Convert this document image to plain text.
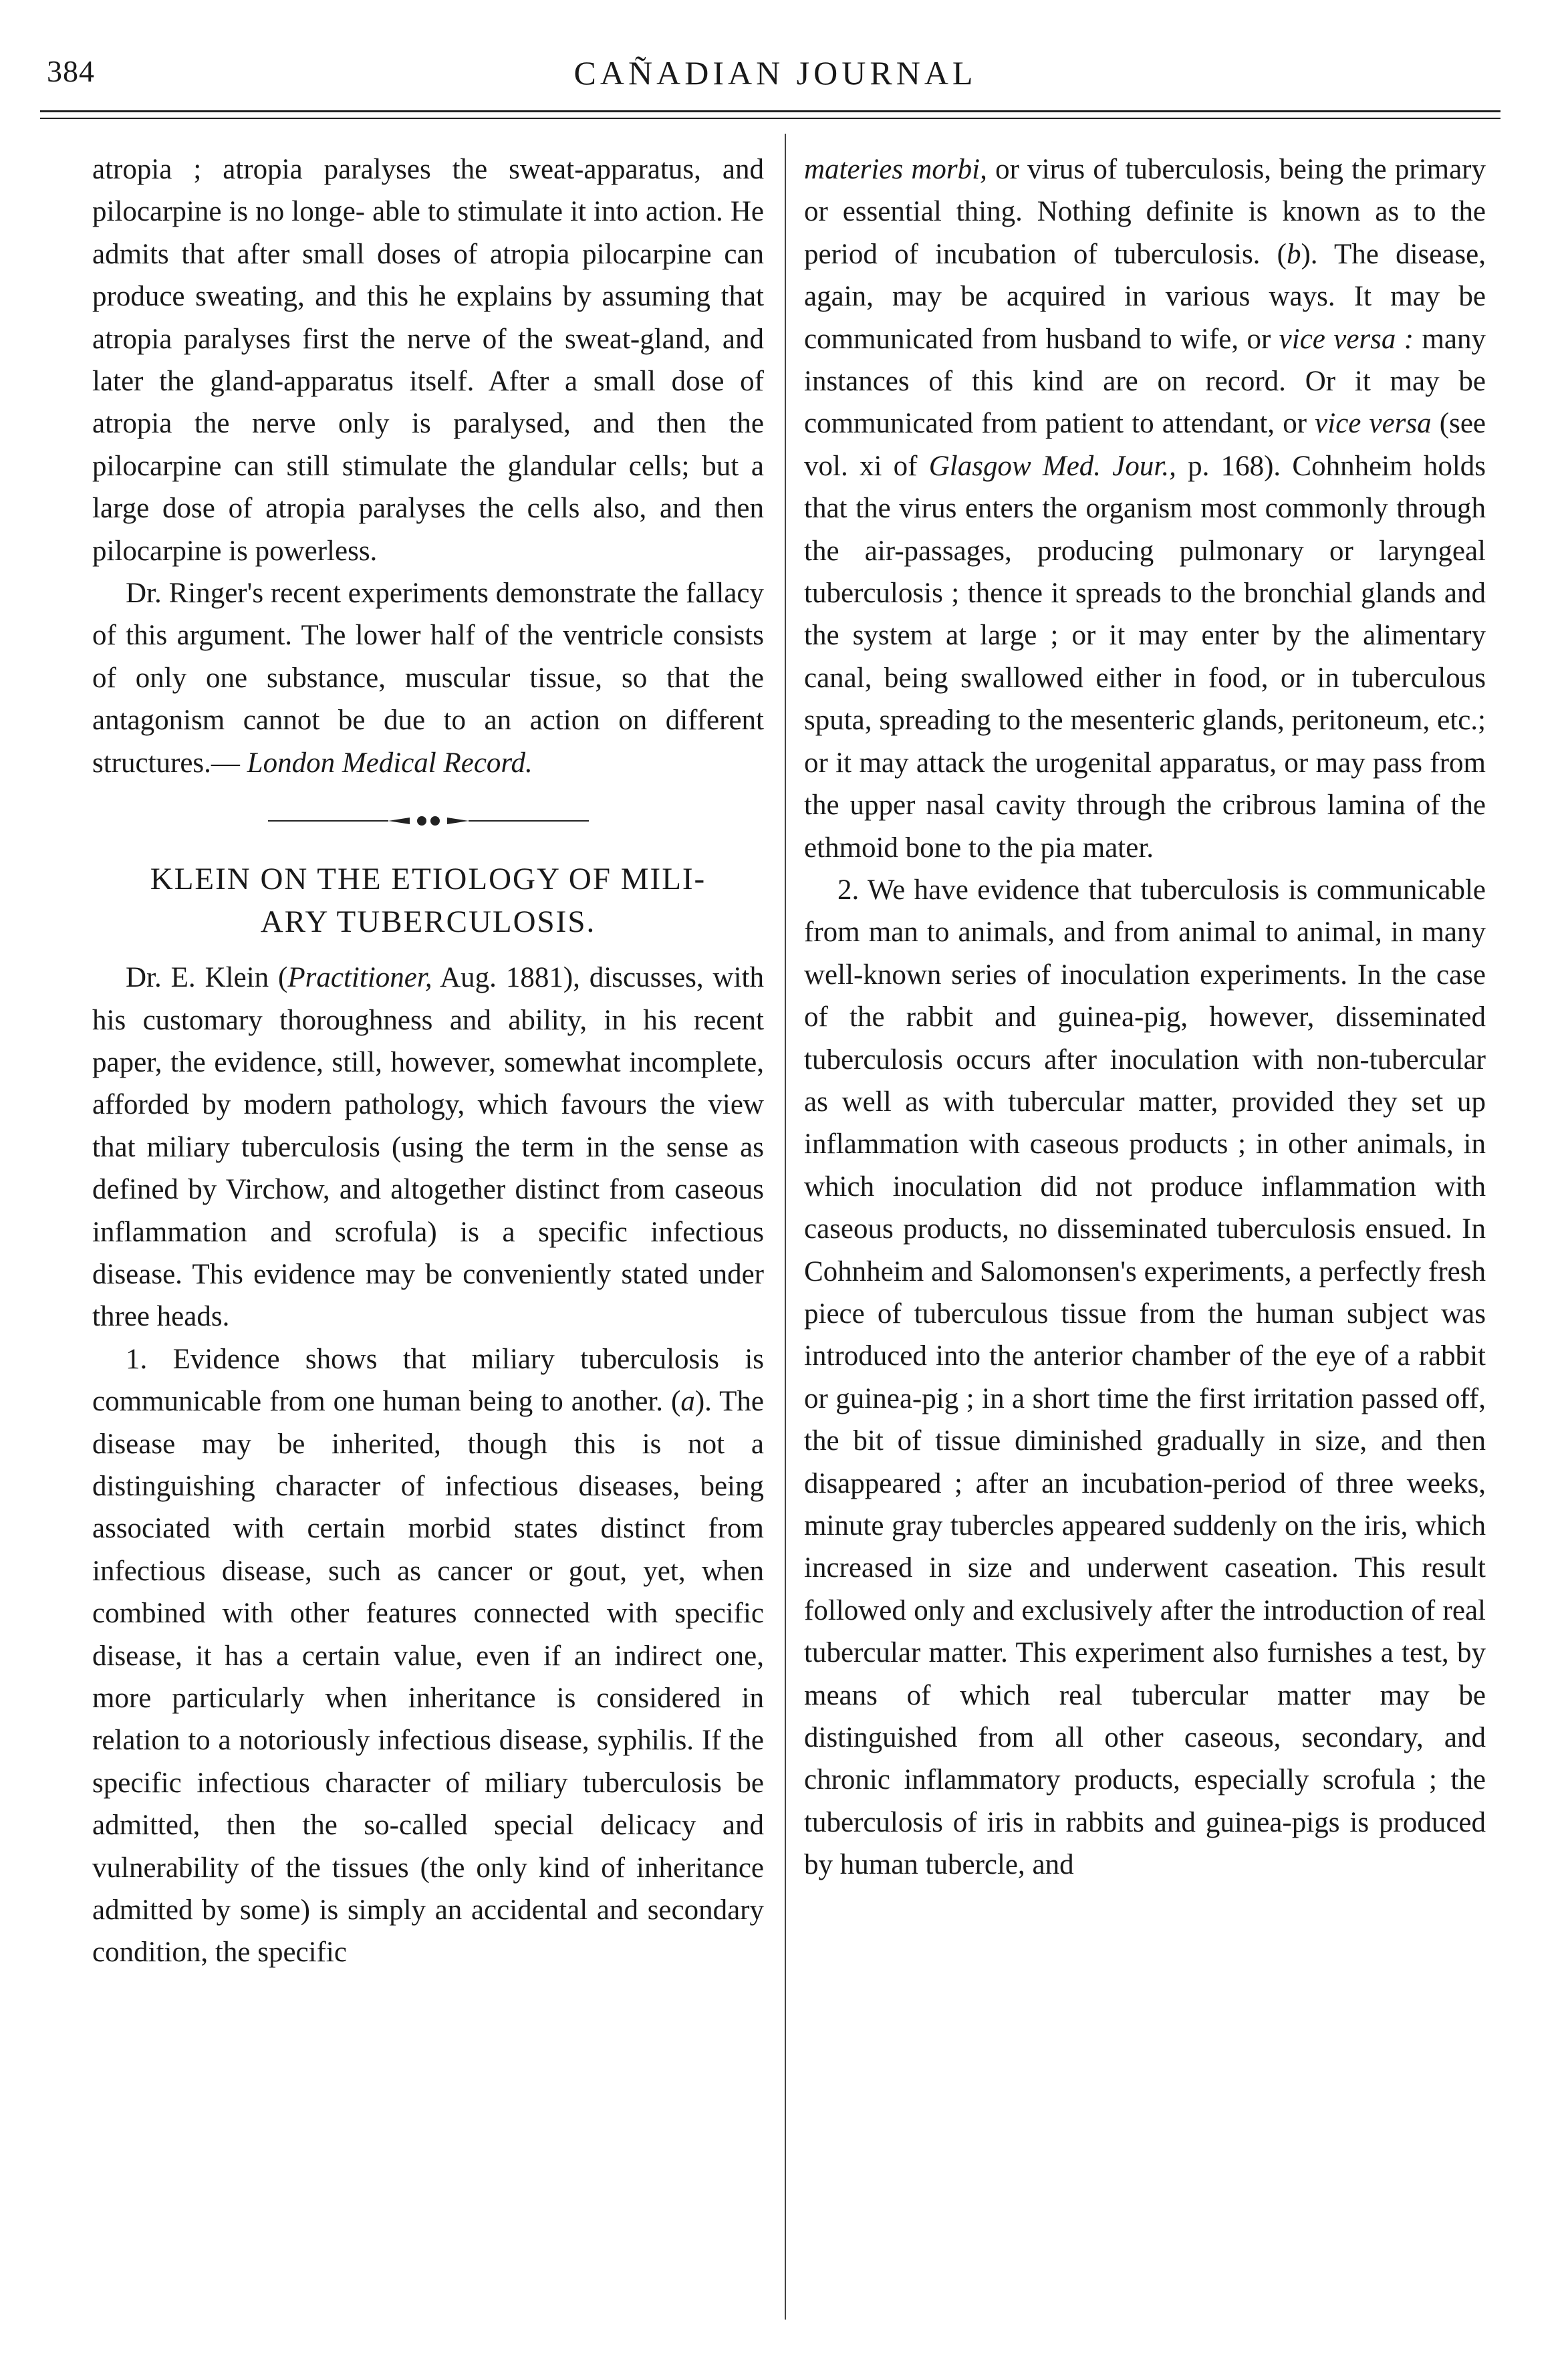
384	CAÑADIAN JOURNAL

atropia ; atropia paralyses the sweat-apparatus, and pilocarpine is no longe- able to stimulate it into action. He admits that after small doses of atropia pilocarpine can produce sweating, and this he explains by assuming that atropia paralyses first the nerve of the sweat-gland, and later the gland-apparatus itself. After a small dose of atropia the nerve only is paralysed, and then the pilocarpine can still stimulate the glandular cells; but a large dose of atropia paralyses the cells also, and then pilocarpine is powerless.

Dr. Ringer's recent experiments demonstrate the fallacy of this argument. The lower half of the ventricle consists of only one substance, muscular tissue, so that the antagonism cannot be due to an action on different structures.— London Medical Record.

KLEIN ON THE ETIOLOGY OF MILI-
ARY TUBERCULOSIS.

Dr. E. Klein (Practitioner, Aug. 1881), discusses, with his customary thoroughness and ability, in his recent paper, the evidence, still, however, somewhat incomplete, afforded by modern pathology, which favours the view that miliary tuberculosis (using the term in the sense as defined by Virchow, and altogether distinct from caseous inflammation and scrofula) is a specific infectious disease. This evidence may be conveniently stated under three heads.

1. Evidence shows that miliary tuberculosis is communicable from one human being to another. (a). The disease may be inherited, though this is not a distinguishing character of infectious diseases, being associated with certain morbid states distinct from infectious disease, such as cancer or gout, yet, when combined with other features connected with specific disease, it has a certain value, even if an indirect one, more particularly when inheritance is considered in relation to a notoriously infectious disease, syphilis. If the specific infectious character of miliary tuberculosis be admitted, then the so-called special delicacy and vulnerability of the tissues (the only kind of inheritance admitted by some) is simply an accidental and secondary condition, the specific

materies morbi, or virus of tuberculosis, being the primary or essential thing. Nothing definite is known as to the period of incubation of tuberculosis. (b). The disease, again, may be acquired in various ways. It may be communicated from husband to wife, or vice versa : many instances of this kind are on record. Or it may be communicated from patient to attendant, or vice versa (see vol. xi of Glasgow Med. Jour., p. 168). Cohnheim holds that the virus enters the organism most commonly through the air-passages, producing pulmonary or laryngeal tuberculosis ; thence it spreads to the bronchial glands and the system at large ; or it may enter by the alimentary canal, being swallowed either in food, or in tuberculous sputa, spreading to the mesenteric glands, peritoneum, etc.; or it may attack the urogenital apparatus, or may pass from the upper nasal cavity through the cribrous lamina of the ethmoid bone to the pia mater.

2. We have evidence that tuberculosis is communicable from man to animals, and from animal to animal, in many well-known series of inoculation experiments. In the case of the rabbit and guinea-pig, however, disseminated tuberculosis occurs after inoculation with non-tubercular as well as with tubercular matter, provided they set up inflammation with caseous products ; in other animals, in which inoculation did not produce inflammation with caseous products, no disseminated tuberculosis ensued. In Cohnheim and Salomonsen's experiments, a perfectly fresh piece of tuberculous tissue from the human subject was introduced into the anterior chamber of the eye of a rabbit or guinea-pig ; in a short time the first irritation passed off, the bit of tissue diminished gradually in size, and then disappeared ; after an incubation-period of three weeks, minute gray tubercles appeared suddenly on the iris, which increased in size and underwent caseation. This result followed only and exclusively after the introduction of real tubercular matter. This experiment also furnishes a test, by means of which real tubercular matter may be distinguished from all other caseous, secondary, and chronic inflammatory products, especially scrofula ; the tuberculosis of iris in rabbits and guinea-pigs is produced by human tubercle, and
